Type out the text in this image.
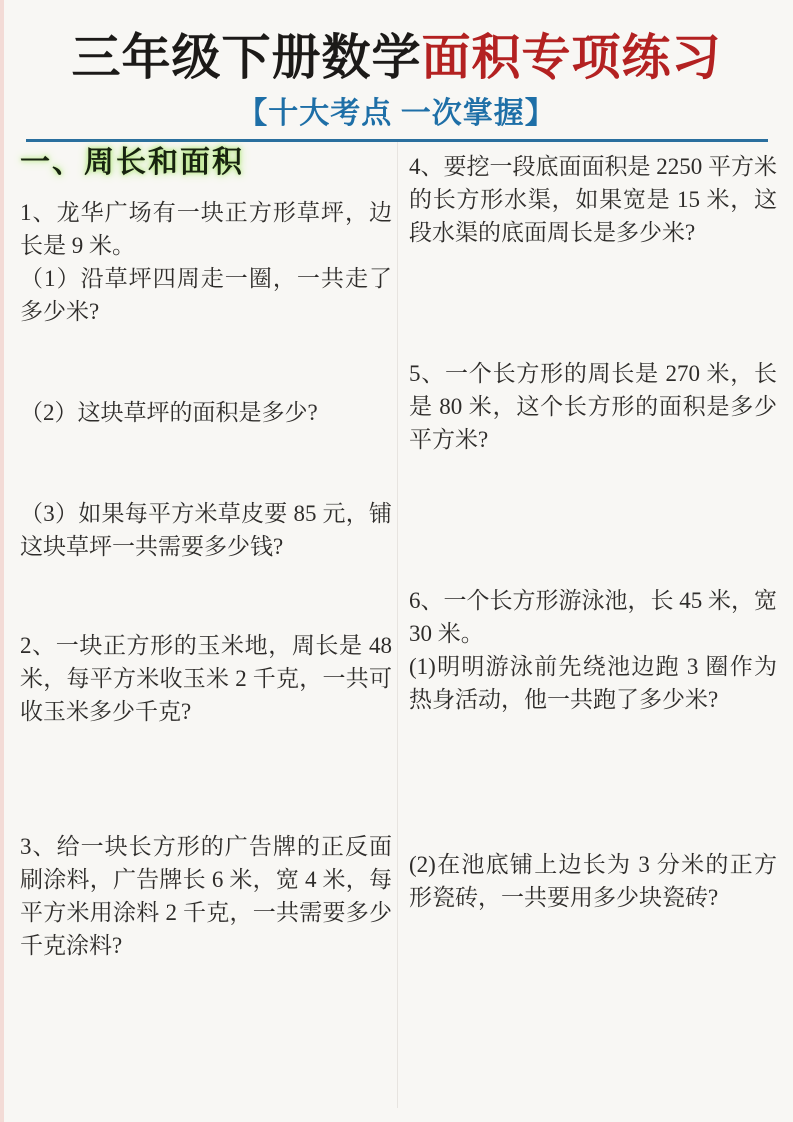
三年级下册数学面积专项练习
【十大考点 一次掌握】
一、周长和面积

1、龙华广场有一块正方形草坪，边长是 9 米。

（1）沿草坪四周走一圈，一共走了多少米?

（2）这块草坪的面积是多少?

（3）如果每平方米草皮要 85 元，铺这块草坪一共需要多少钱?

2、一块正方形的玉米地，周长是 48 米，每平方米收玉米 2 千克，一共可收玉米多少千克?

3、给一块长方形的广告牌的正反面刷涂料，广告牌长 6 米，宽 4 米，每平方米用涂料 2 千克，一共需要多少千克涂料?

4、要挖一段底面面积是 2250 平方米的长方形水渠，如果宽是 15 米，这段水渠的底面周长是多少米?

5、一个长方形的周长是 270 米，长是 80 米，这个长方形的面积是多少平方米?

6、一个长方形游泳池，长 45 米，宽 30 米。

(1)明明游泳前先绕池边跑 3 圈作为热身活动，他一共跑了多少米?

(2)在池底铺上边长为 3 分米的正方形瓷砖，一共要用多少块瓷砖?
